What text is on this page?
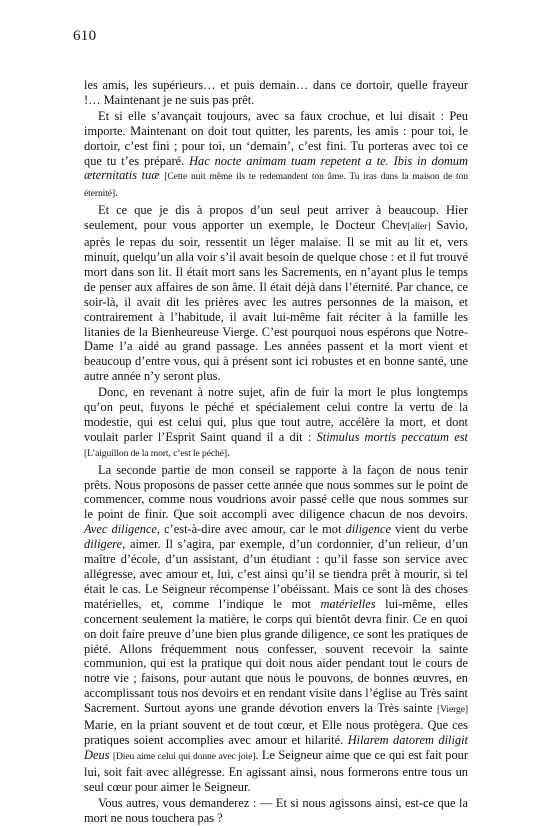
610

les amis, les supérieurs… et puis demain… dans ce dortoir, quelle frayeur !… Maintenant je ne suis pas prêt.

Et si elle s’avançait toujours, avec sa faux crochue, et lui disait : Peu importe. Maintenant on doit tout quitter, les parents, les amis : pour toi, le dortoir, c’est fini ; pour toi, un ‘demain’, c’est fini. Tu porteras avec toi ce que tu t’es préparé. Hac nocte animam tuam repetent a te. Ibis in domum æternitatis tuæ [Cette nuit même ils te redemandent ton âme. Tu iras dans la maison de ton éternité].

Et ce que je dis à propos d’un seul peut arriver à beaucoup. Hier seulement, pour vous apporter un exemple, le Docteur Chev[alier] Savio, après le repas du soir, ressentit un léger malaise. Il se mit au lit et, vers minuit, quelqu’un alla voir s’il avait besoin de quelque chose : et il fut trouvé mort dans son lit. Il était mort sans les Sacrements, en n’ayant plus le temps de penser aux affaires de son âme. Il était déjà dans l’éternité. Par chance, ce soir-là, il avait dit les prières avec les autres personnes de la maison, et contrairement à l’habitude, il avait lui-même fait réciter à la famille les litanies de la Bienheureuse Vierge. C’est pourquoi nous espérons que Notre-Dame l’a aidé au grand passage. Les années passent et la mort vient et beaucoup d’entre vous, qui à présent sont ici robustes et en bonne santé, une autre année n’y seront plus.

Donc, en revenant à notre sujet, afin de fuir la mort le plus longtemps qu’on peut, fuyons le péché et spécialement celui contre la vertu de la modestie, qui est celui qui, plus que tout autre, accélère la mort, et dont voulait parler l’Esprit Saint quand il a dit : Stimulus mortis peccatum est [L’aiguillon de la mort, c’est le péché].

La seconde partie de mon conseil se rapporte à la façon de nous tenir prêts. Nous proposons de passer cette année que nous sommes sur le point de commencer, comme nous voudrions avoir passé celle que nous sommes sur le point de finir. Que soit accompli avec diligence chacun de nos devoirs. Avec diligence, c’est-à-dire avec amour, car le mot diligence vient du verbe diligere, aimer. Il s’agira, par exemple, d’un cordonnier, d’un relieur, d’un maître d’école, d’un assistant, d’un étudiant : qu’il fasse son service avec allégresse, avec amour et, lui, c’est ainsi qu’il se tiendra prêt à mourir, si tel était le cas. Le Seigneur récompense l’obéissant. Mais ce sont là des choses matérielles, et, comme l’indique le mot matérielles lui-même, elles concernent seulement la matière, le corps qui bientôt devra finir. Ce en quoi on doit faire preuve d’une bien plus grande diligence, ce sont les pratiques de piété. Allons fréquemment nous confesser, souvent recevoir la sainte communion, qui est la pratique qui doit nous aider pendant tout le cours de notre vie ; faisons, pour autant que nous le pouvons, de bonnes œuvres, en accomplissant tous nos devoirs et en rendant visite dans l’église au Très saint Sacrement. Surtout ayons une grande dévotion envers la Très sainte [Vierge] Marie, en la priant souvent et de tout cœur, et Elle nous protègera. Que ces pratiques soient accomplies avec amour et hilarité. Hilarem datorem diligit Deus [Dieu aime celui qui donne avec joie]. Le Seigneur aime que ce qui est fait pour lui, soit fait avec allégresse. En agissant ainsi, nous formerons entre tous un seul cœur pour aimer le Seigneur.

Vous autres, vous demanderez : — Et si nous agissons ainsi, est-ce que la mort ne nous touchera pas ?
